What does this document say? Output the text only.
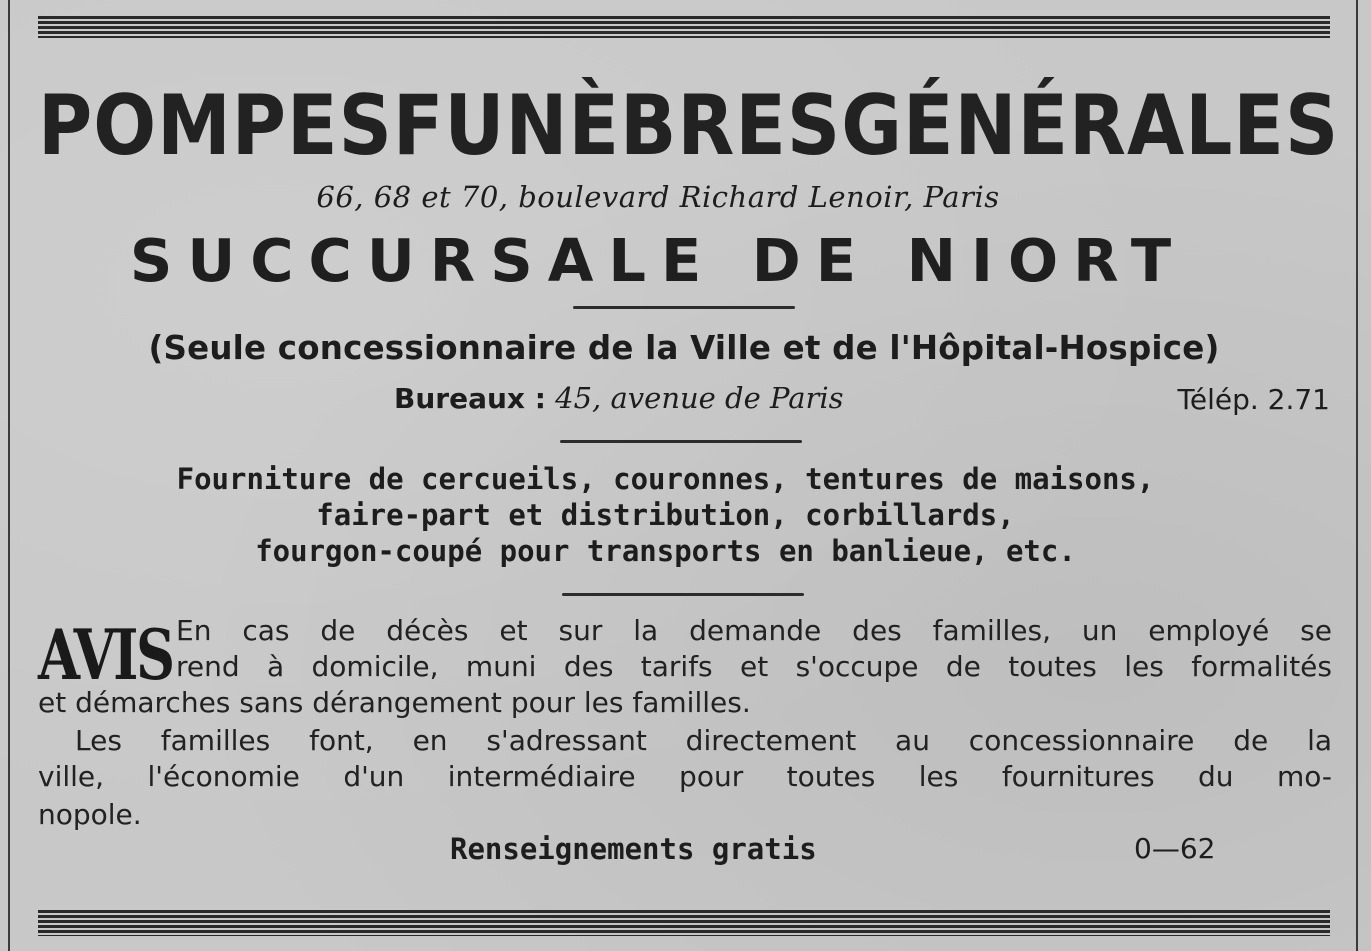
POMPES FUNÈBRES GÉNÉRALES

66, 68 et 70, boulevard Richard Lenoir, Paris

SUCCURSALE DE NIORT

(Seule concessionnaire de la Ville et de l'Hôpital-Hospice)

Bureaux : 45, avenue de Paris	Télép. 2.71

Fourniture de cercueils, couronnes, tentures de maisons,

faire-part et distribution, corbillards,

fourgon-coupé pour transports en banlieue, etc.

AVIS En cas de décès et sur la demande des familles, un employé se

rend à domicile, muni des tarifs et s'occupe de toutes les formalités

et démarches sans dérangement pour les familles.

Les familles font, en s'adressant directement au concessionnaire de la

ville, l'économie d'un intermédiaire pour toutes les fournitures du mo-

nopole.

Renseignements gratis	0—62
